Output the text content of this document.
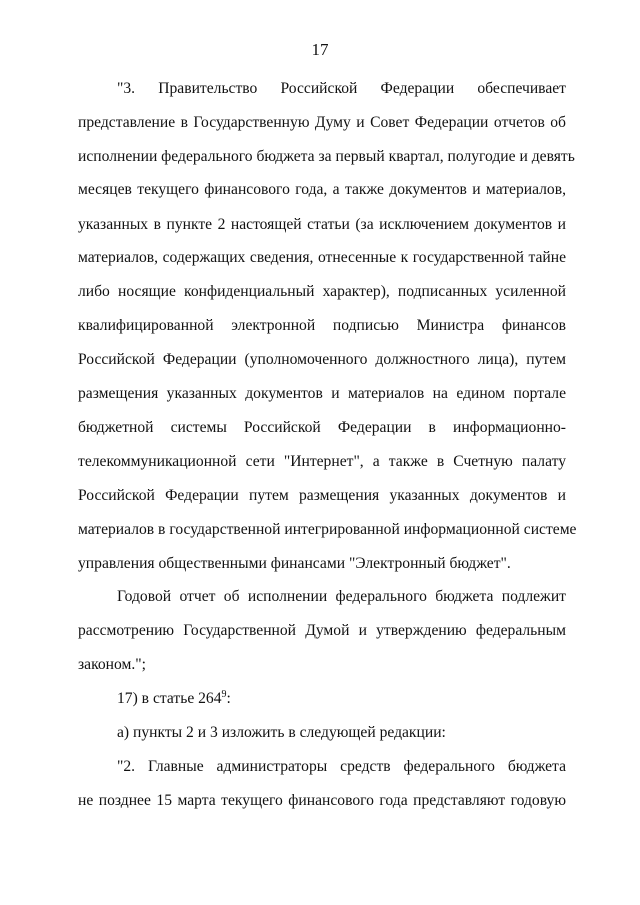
17
"3. Правительство Российской Федерации обеспечивает
представление в Государственную Думу и Совет Федерации отчетов об
исполнении федерального бюджета за первый квартал, полугодие и девять
месяцев текущего финансового года, а также документов и материалов,
указанных в пункте 2 настоящей статьи (за исключением документов и
материалов, содержащих сведения, отнесенные к государственной тайне
либо носящие конфиденциальный характер), подписанных усиленной
квалифицированной электронной подписью Министра финансов
Российской Федерации (уполномоченного должностного лица), путем
размещения указанных документов и материалов на едином портале
бюджетной системы Российской Федерации в информационно-
телекоммуникационной сети "Интернет", а также в Счетную палату
Российской Федерации путем размещения указанных документов и
материалов в государственной интегрированной информационной системе
управления общественными финансами "Электронный бюджет".
Годовой отчет об исполнении федерального бюджета подлежит
рассмотрению Государственной Думой и утверждению федеральным
законом.";
17) в статье $264^9$:
а) пункты 2 и 3 изложить в следующей редакции:
"2. Главные администраторы средств федерального бюджета
не позднее 15 марта текущего финансового года представляют годовую
